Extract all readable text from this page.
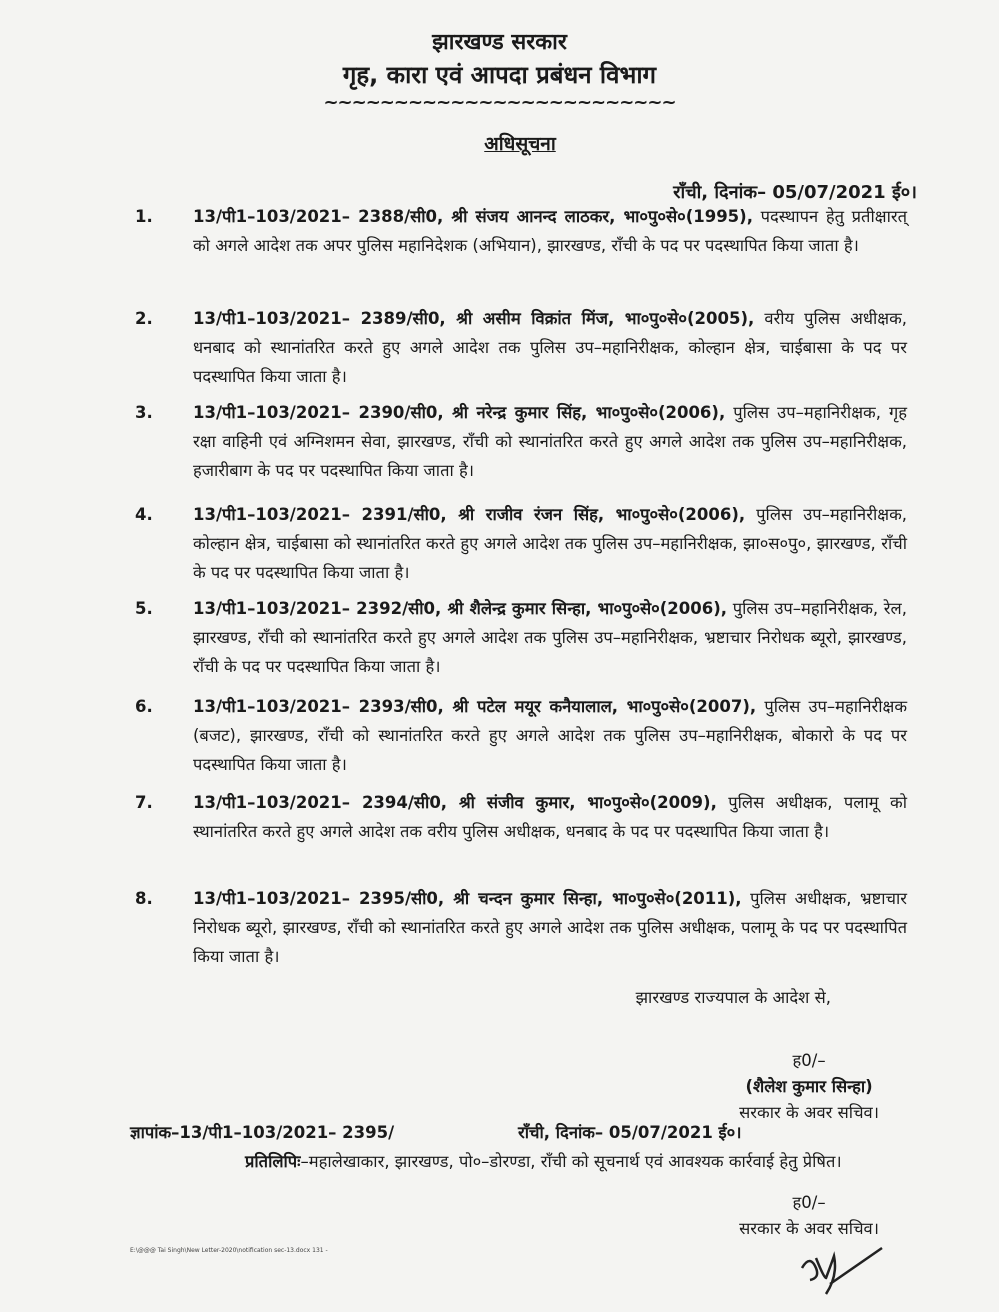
झारखण्ड सरकार
गृह, कारा एवं आपदा प्रबंधन विभाग
~~~~~~~~~~~~~~~~~~~~~~~~~
अधिसूचना
राँची, दिनांक– 05/07/2021 ई०।
1. 13/पी1–103/2021– 2388/सी0, श्री संजय आनन्द लाठकर, भा०पु०से०(1995), पदस्थापन हेतु प्रतीक्षारत् को अगले आदेश तक अपर पुलिस महानिदेशक (अभियान), झारखण्ड, राँची के पद पर पदस्थापित किया जाता है।
2. 13/पी1–103/2021– 2389/सी0, श्री असीम विक्रांत मिंज, भा०पु०से०(2005), वरीय पुलिस अधीक्षक, धनबाद को स्थानांतरित करते हुए अगले आदेश तक पुलिस उप–महानिरीक्षक, कोल्हान क्षेत्र, चाईबासा के पद पर पदस्थापित किया जाता है।
3. 13/पी1–103/2021– 2390/सी0, श्री नरेन्द्र कुमार सिंह, भा०पु०से०(2006), पुलिस उप–महानिरीक्षक, गृह रक्षा वाहिनी एवं अग्निशमन सेवा, झारखण्ड, राँची को स्थानांतरित करते हुए अगले आदेश तक पुलिस उप–महानिरीक्षक, हजारीबाग के पद पर पदस्थापित किया जाता है।
4. 13/पी1–103/2021– 2391/सी0, श्री राजीव रंजन सिंह, भा०पु०से०(2006), पुलिस उप–महानिरीक्षक, कोल्हान क्षेत्र, चाईबासा को स्थानांतरित करते हुए अगले आदेश तक पुलिस उप–महानिरीक्षक, झा०स०पु०, झारखण्ड, राँची के पद पर पदस्थापित किया जाता है।
5. 13/पी1–103/2021– 2392/सी0, श्री शैलेन्द्र कुमार सिन्हा, भा०पु०से०(2006), पुलिस उप–महानिरीक्षक, रेल, झारखण्ड, राँची को स्थानांतरित करते हुए अगले आदेश तक पुलिस उप–महानिरीक्षक, भ्रष्टाचार निरोधक ब्यूरो, झारखण्ड, राँची के पद पर पदस्थापित किया जाता है।
6. 13/पी1–103/2021– 2393/सी0, श्री पटेल मयूर कनैयालाल, भा०पु०से०(2007), पुलिस उप–महानिरीक्षक (बजट), झारखण्ड, राँची को स्थानांतरित करते हुए अगले आदेश तक पुलिस उप–महानिरीक्षक, बोकारो के पद पर पदस्थापित किया जाता है।
7. 13/पी1–103/2021– 2394/सी0, श्री संजीव कुमार, भा०पु०से०(2009), पुलिस अधीक्षक, पलामू को स्थानांतरित करते हुए अगले आदेश तक वरीय पुलिस अधीक्षक, धनबाद के पद पर पदस्थापित किया जाता है।
8. 13/पी1–103/2021– 2395/सी0, श्री चन्दन कुमार सिन्हा, भा०पु०से०(2011), पुलिस अधीक्षक, भ्रष्टाचार निरोधक ब्यूरो, झारखण्ड, राँची को स्थानांतरित करते हुए अगले आदेश तक पुलिस अधीक्षक, पलामू के पद पर पदस्थापित किया जाता है।
झारखण्ड राज्यपाल के आदेश से,
ह0/–
(शैलेश कुमार सिन्हा)
सरकार के अवर सचिव।
ज्ञापांक–13/पी1–103/2021– 2395/	राँची, दिनांक– 05/07/2021 ई०।
प्रतिलिपिः–महालेखाकार, झारखण्ड, पो०–डोरण्डा, राँची को सूचनार्थ एवं आवश्यक कार्रवाई हेतु प्रेषित।
ह0/–
सरकार के अवर सचिव।
E:\@@@ Tai Singh\New Letter-2020\notification sec-13.docx 131 -
